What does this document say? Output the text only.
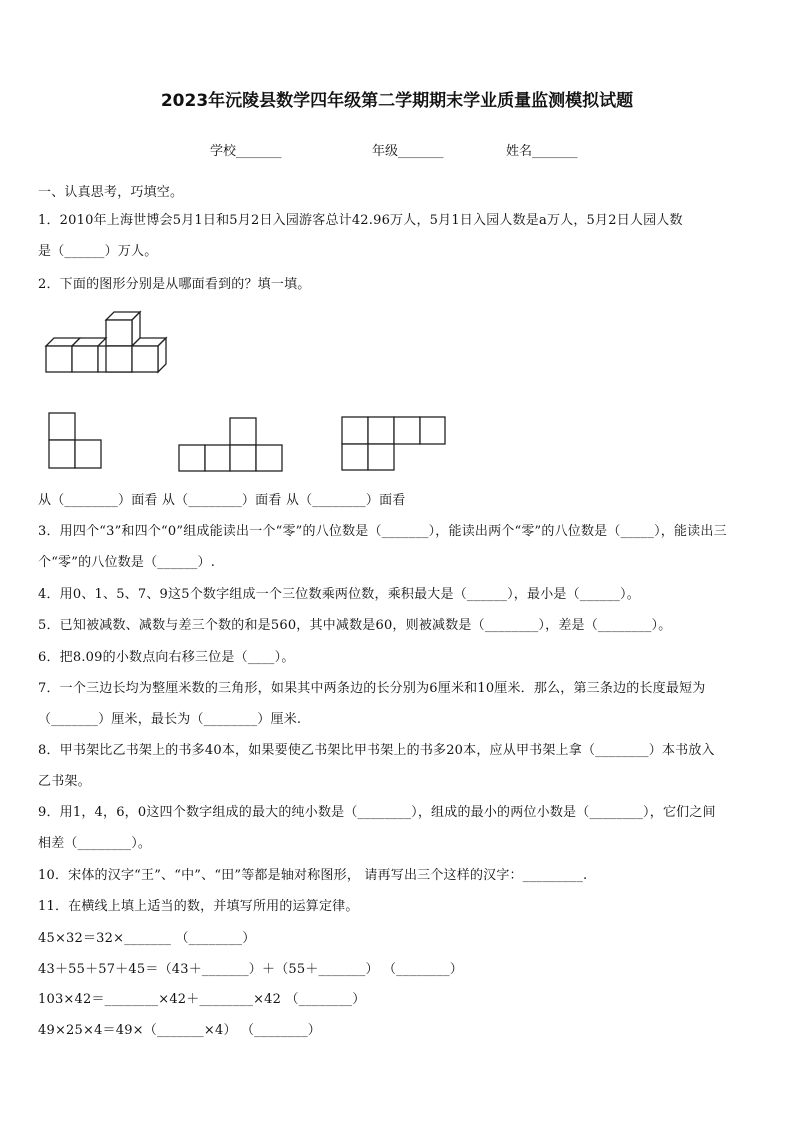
2023年沅陵县数学四年级第二学期期末学业质量监测模拟试题
学校_______	年级_______	姓名_______
一、认真思考，巧填空。
1．2010年上海世博会5月1日和5月2日入园游客总计42.96万人，5月1日入园人数是a万人，5月2日人园人数
是（______）万人。
2．下面的图形分别是从哪面看到的？填一填。
从（________）面看 从（________）面看 从（________）面看
3．用四个“3”和四个“0”组成能读出一个“零”的八位数是（_______），能读出两个“零”的八位数是（_____），能读出三
个“零”的八位数是（______）.
4．用0、1、5、7、9这5个数字组成一个三位数乘两位数，乘积最大是（______），最小是（______）。
5．已知被减数、减数与差三个数的和是560，其中减数是60，则被减数是（________），差是（________）。
6．把8.09的小数点向右移三位是（____）。
7．一个三边长均为整厘米数的三角形，如果其中两条边的长分别为6厘米和10厘米．那么，第三条边的长度最短为
（_______）厘米，最长为（________）厘米.
8．甲书架比乙书架上的书多40本，如果要使乙书架比甲书架上的书多20本，应从甲书架上拿（________）本书放入
乙书架。
9．用1，4，6，0这四个数字组成的最大的纯小数是（________），组成的最小的两位小数是（________），它们之间
相差（________）。
10．宋体的汉字“王”、“中”、“田”等都是轴对称图形， 请再写出三个这样的汉字：_________.
11．在横线上填上适当的数，并填写所用的运算定律。
45×32＝32×_______ （________）
43＋55＋57＋45＝（43＋_______）＋（55＋_______） （________）
103×42＝________×42＋________×42 （________）
49×25×4＝49×（_______×4） （________）
